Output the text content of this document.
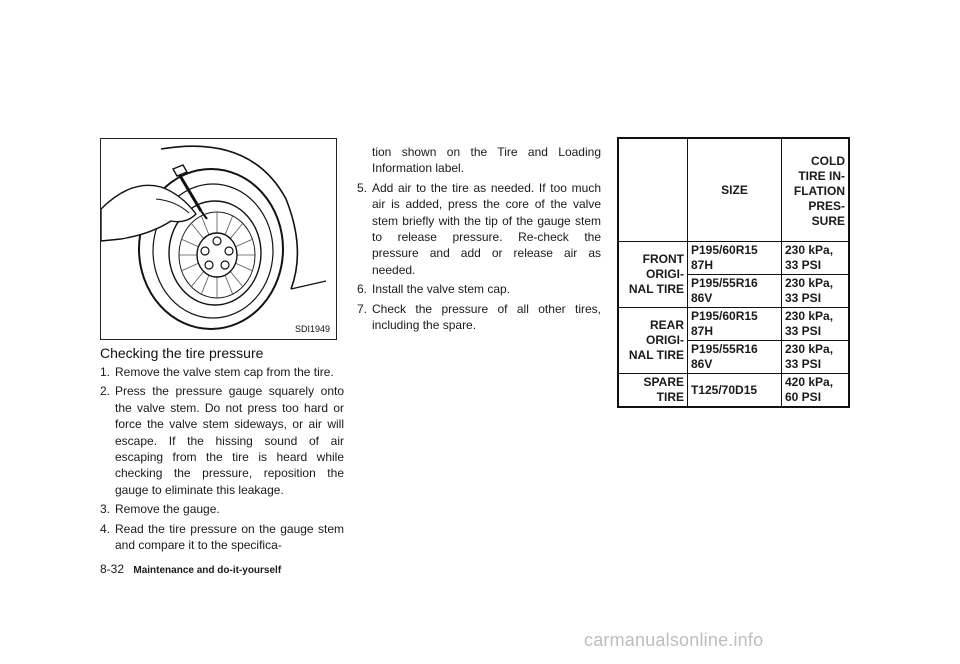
SDI1949
Checking the tire pressure
1. Remove the valve stem cap from the tire.
2. Press the pressure gauge squarely onto the valve stem. Do not press too hard or force the valve stem sideways, or air will escape. If the hissing sound of air escaping from the tire is heard while checking the pressure, reposition the gauge to eliminate this leakage.
3. Remove the gauge.
4. Read the tire pressure on the gauge stem and compare it to the specifica-
tion shown on the Tire and Loading Information label.
5. Add air to the tire as needed. If too much air is added, press the core of the valve stem briefly with the tip of the gauge stem to release pressure. Re-check the pressure and add or release air as needed.
6. Install the valve stem cap.
7. Check the pressure of all other tires, including the spare.
	SIZE	COLD TIRE IN-FLATION PRES-SURE
FRONT ORIGI-NAL TIRE	P195/60R15 87H	230 kPa, 33 PSI
	P195/55R16 86V	230 kPa, 33 PSI
REAR ORIGI-NAL TIRE	P195/60R15 87H	230 kPa, 33 PSI
	P195/55R16 86V	230 kPa, 33 PSI
SPARE TIRE	T125/70D15	420 kPa, 60 PSI
8-32 Maintenance and do-it-yourself
carmanualsonline.info
